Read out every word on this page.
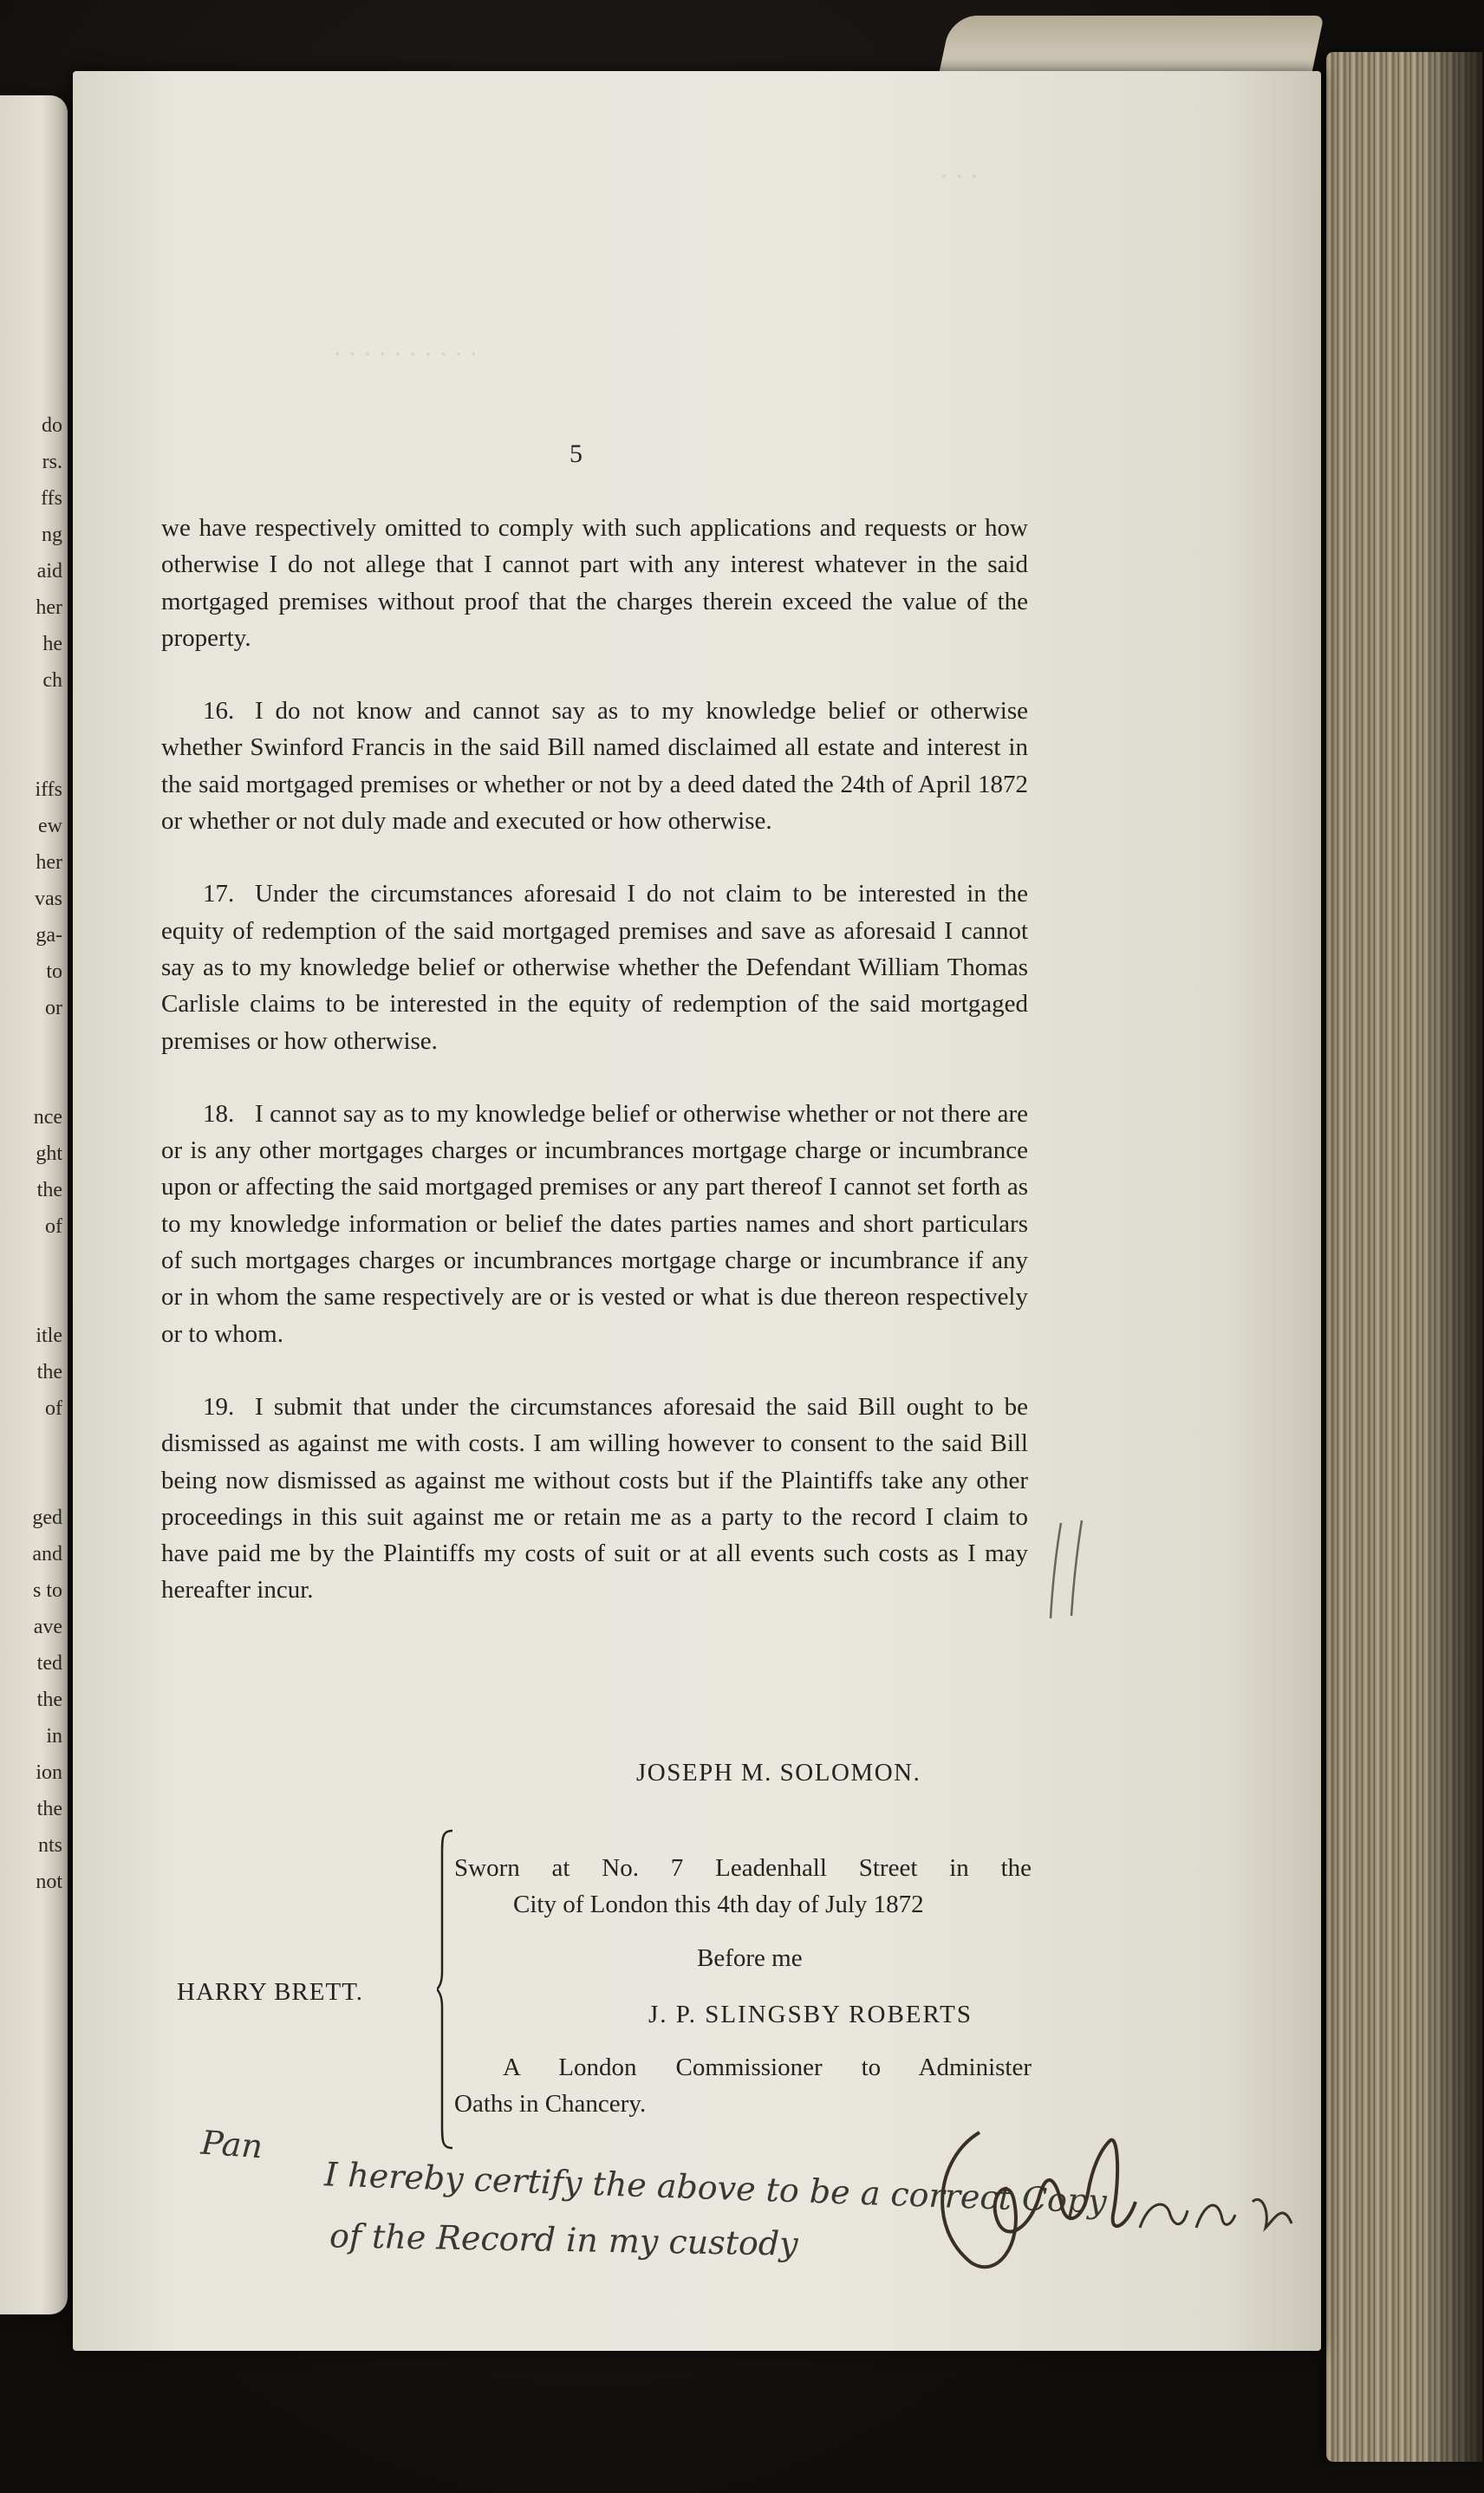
do
rs.
ffs
ng
aid
her
he
ch
iffs
ew
her
vas
ga-
to
or
nce
ght
the
of
itle
the
of
ged
and
s to
ave
ted
the
in
ion
the
nts
not
· · ·
· · · · · · · · · ·
5

we have respectively omitted to comply with such applications and requests or how otherwise I do not allege that I cannot part with any interest whatever in the said mortgaged premises without proof that the charges therein exceed the value of the property.

16. I do not know and cannot say as to my knowledge belief or otherwise whether Swinford Francis in the said Bill named disclaimed all estate and interest in the said mortgaged premises or whether or not by a deed dated the 24th of April 1872 or whether or not duly made and executed or how otherwise.

17. Under the circumstances aforesaid I do not claim to be interested in the equity of redemption of the said mortgaged premises and save as aforesaid I cannot say as to my knowledge belief or otherwise whether the Defendant William Thomas Carlisle claims to be interested in the equity of redemption of the said mortgaged premises or how otherwise.

18. I cannot say as to my knowledge belief or otherwise whether or not there are or is any other mortgages charges or incumbrances mortgage charge or incumbrance upon or affecting the said mortgaged premises or any part thereof I cannot set forth as to my knowledge information or belief the dates parties names and short particulars of such mortgages charges or incumbrances mortgage charge or incumbrance if any or in whom the same respectively are or is vested or what is due thereon respectively or to whom.

19. I submit that under the circumstances aforesaid the said Bill ought to be dismissed as against me with costs. I am willing however to consent to the said Bill being now dismissed as against me without costs but if the Plaintiffs take any other proceedings in this suit against me or retain me as a party to the record I claim to have paid me by the Plaintiffs my costs of suit or at all events such costs as I may hereafter incur.

JOSEPH M. SOLOMON.
Sworn at No. 7 Leadenhall Street in the
City of London this 4th day of July 1872
Before me
A London Commissioner to Administer
Oaths in Chancery.
J. P. SLINGSBY ROBERTS
HARRY BRETT.
Pan
I hereby certify the above to be a correct Copy
of the Record in my custody	Clerk CR LD
